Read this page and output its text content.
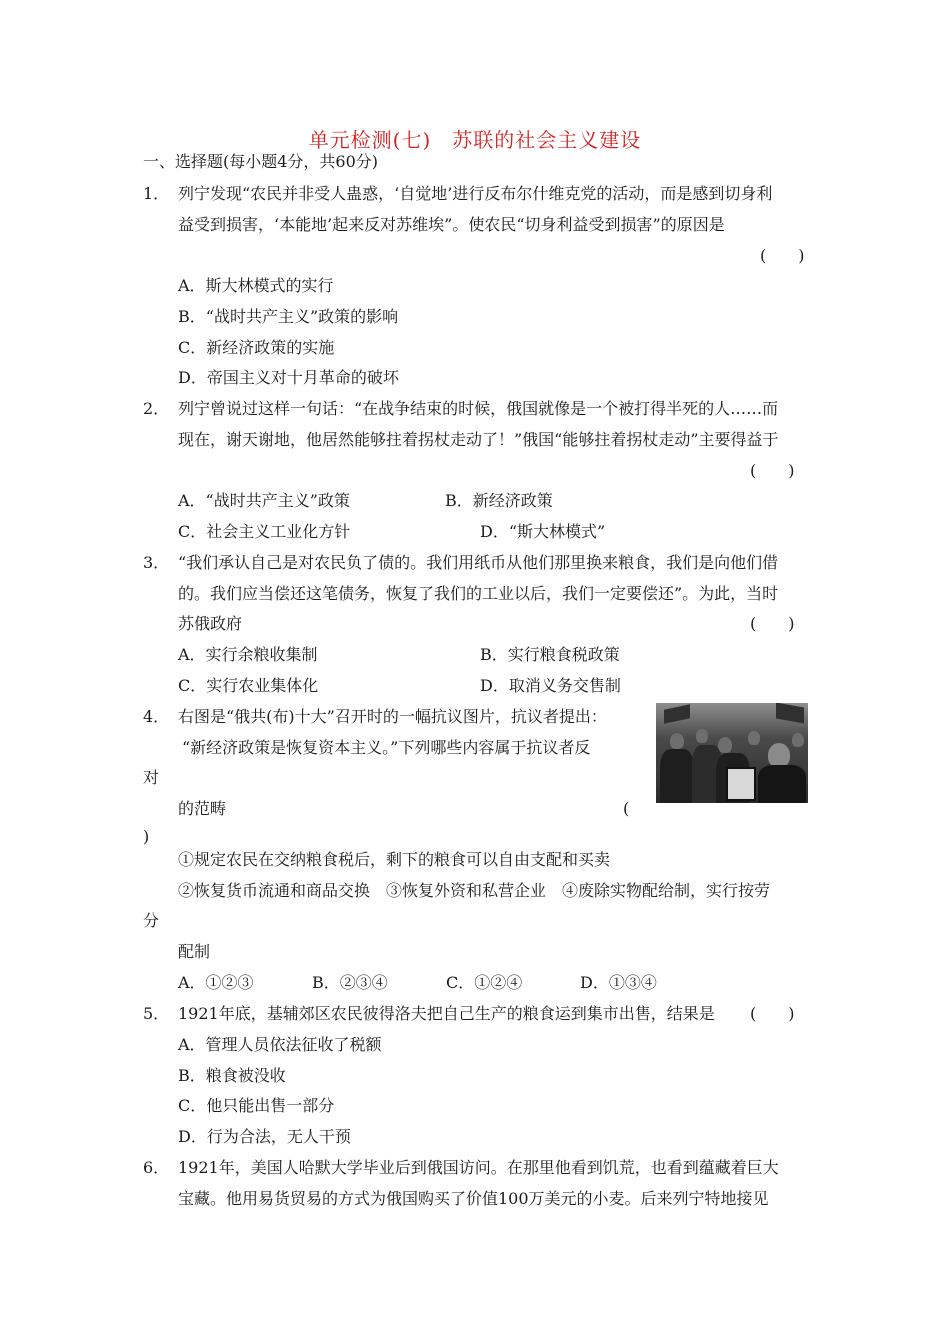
单元检测(七)　苏联的社会主义建设
一、选择题(每小题4分，共60分)
1． 列宁发现“农民并非受人蛊惑，‘自觉地’进行反布尔什维克党的活动，而是感到切身利
益受到损害，‘本能地’起来反对苏维埃”。使农民“切身利益受到损害”的原因是
(　　)
A．斯大林模式的实行
B．“战时共产主义”政策的影响
C．新经济政策的实施
D．帝国主义对十月革命的破坏
2． 列宁曾说过这样一句话：“在战争结束的时候，俄国就像是一个被打得半死的人……而
现在，谢天谢地，他居然能够拄着拐杖走动了！”俄国“能够拄着拐杖走动”主要得益于
(　　)
A．“战时共产主义”政策	B．新经济政策
C．社会主义工业化方针	D．“斯大林模式”
3． “我们承认自己是对农民负了债的。我们用纸币从他们那里换来粮食，我们是向他们借
的。我们应当偿还这笔债务，恢复了我们的工业以后，我们一定要偿还”。为此，当时
苏俄政府	(　　)
A．实行余粮收集制	B．实行粮食税政策
C．实行农业集体化	D．取消义务交售制
4． 右图是“俄共(布)十大”召开时的一幅抗议图片，抗议者提出：
“新经济政策是恢复资本主义。”下列哪些内容属于抗议者反
对
的范畴	(
)
①规定农民在交纳粮食税后，剩下的粮食可以自由支配和买卖
②恢复货币流通和商品交换　③恢复外资和私营企业　④废除实物配给制，实行按劳
分
配制
A．①②③	B．②③④	C．①②④	D．①③④
5． 1921年底，基辅郊区农民彼得洛夫把自己生产的粮食运到集市出售，结果是 (　　)
A．管理人员依法征收了税额
B．粮食被没收
C．他只能出售一部分
D．行为合法，无人干预
6． 1921年，美国人哈默大学毕业后到俄国访问。在那里他看到饥荒，也看到蕴藏着巨大
宝藏。他用易货贸易的方式为俄国购买了价值100万美元的小麦。后来列宁特地接见
